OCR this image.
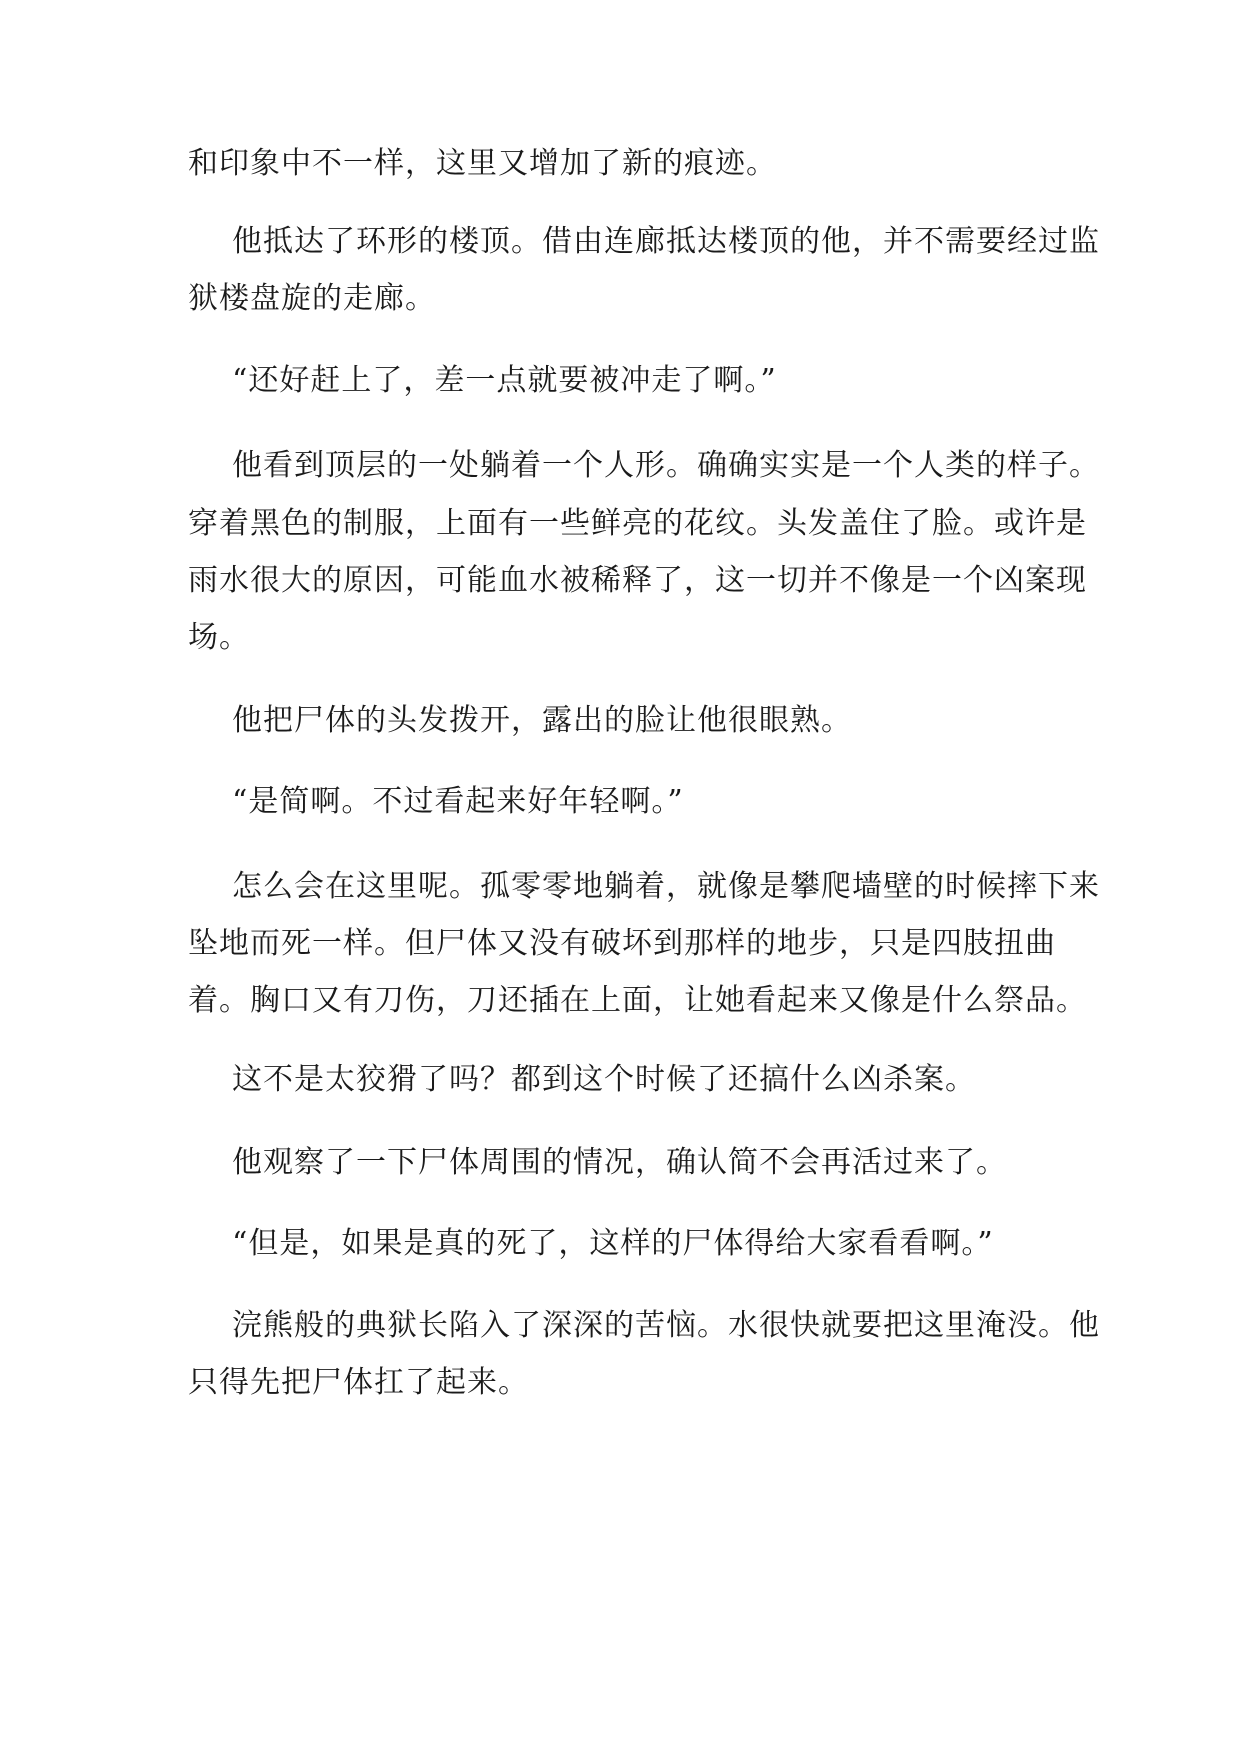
和印象中不一样，这里又增加了新的痕迹。
他抵达了环形的楼顶。借由连廊抵达楼顶的他，并不需要经过监
狱楼盘旋的走廊。
“还好赶上了，差一点就要被冲走了啊。”
他看到顶层的一处躺着一个人形。确确实实是一个人类的样子。
穿着黑色的制服，上面有一些鲜亮的花纹。头发盖住了脸。或许是
雨水很大的原因，可能血水被稀释了，这一切并不像是一个凶案现
场。
他把尸体的头发拨开，露出的脸让他很眼熟。
“是简啊。不过看起来好年轻啊。”
怎么会在这里呢。孤零零地躺着，就像是攀爬墙壁的时候摔下来
坠地而死一样。但尸体又没有破坏到那样的地步，只是四肢扭曲
着。胸口又有刀伤，刀还插在上面，让她看起来又像是什么祭品。
这不是太狡猾了吗？都到这个时候了还搞什么凶杀案。
他观察了一下尸体周围的情况，确认简不会再活过来了。
“但是，如果是真的死了，这样的尸体得给大家看看啊。”
浣熊般的典狱长陷入了深深的苦恼。水很快就要把这里淹没。他
只得先把尸体扛了起来。
